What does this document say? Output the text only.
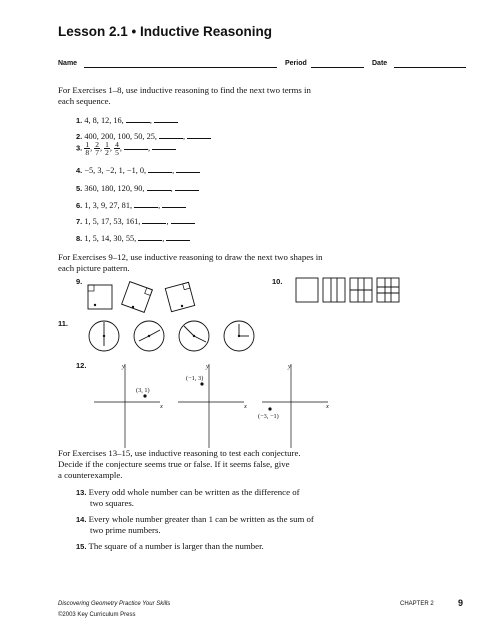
Lesson 2.1 • Inductive Reasoning
Name	Period	Date
For Exercises 1–8, use inductive reasoning to find the next two terms in
each sequence.
1. 4, 8, 12, 16,	,
2. 400, 200, 100, 50, 25,	,
3. $\frac{1}{8}$ , $\frac{2}{7}$ , $\frac{1}{2}$ , $\frac{4}{5}$ ,	,
4. −5, 3, −2, 1, −1, 0,	,
5. 360, 180, 120, 90,	,
6. 1, 3, 9, 27, 81,	,
7. 1, 5, 17, 53, 161,	,
8. 1, 5, 14, 30, 55,	,
For Exercises 9–12, use inductive reasoning to draw the next two shapes in
each picture pattern.
9.	10.
11.
12.	y
x
y
x
y
x
(3, 1)
(−1, 3)
(−3, −1)
For Exercises 13–15, use inductive reasoning to test each conjecture.
Decide if the conjecture seems true or false. If it seems false, give
a counterexample.
13. Every odd whole number can be written as the difference of
two squares.
14. Every whole number greater than 1 can be written as the sum of
two prime numbers.
15. The square of a number is larger than the number.
Discovering Geometry Practice Your Skills
©2003 Key Curriculum Press
CHAPTER 2	9
